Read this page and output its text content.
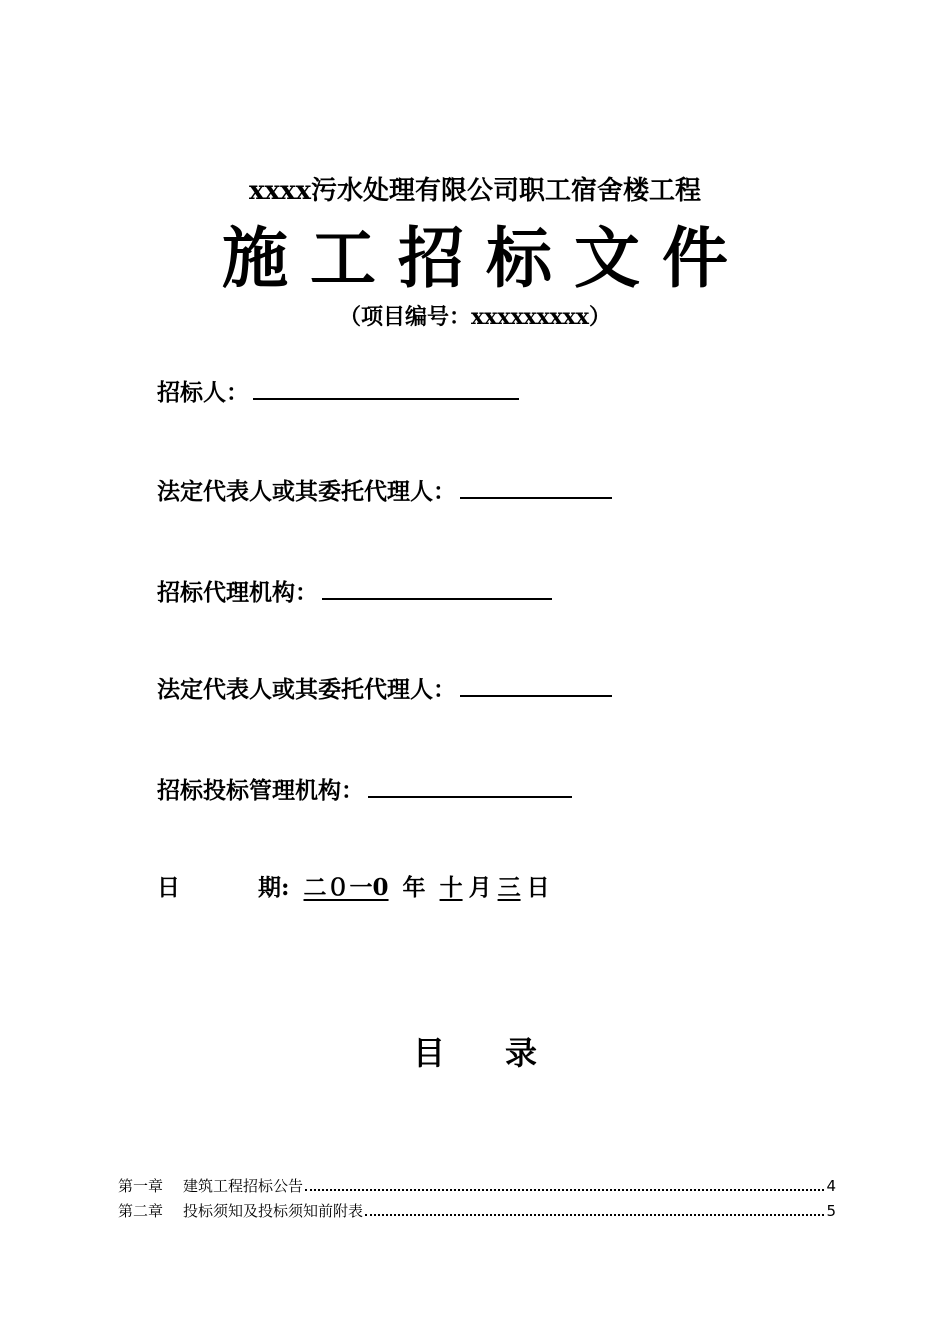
xxxx污水处理有限公司职工宿舍楼工程
施工招标文件
（项目编号：xxxxxxxxx）
招标人：
法定代表人或其委托代理人：
招标代理机构：
法定代表人或其委托代理人：
招标投标管理机构：
日	期: 二０一0 年 十 月 三 日
目录
第一章 建筑工程招标公告	4
第二章 投标须知及投标须知前附表	5
